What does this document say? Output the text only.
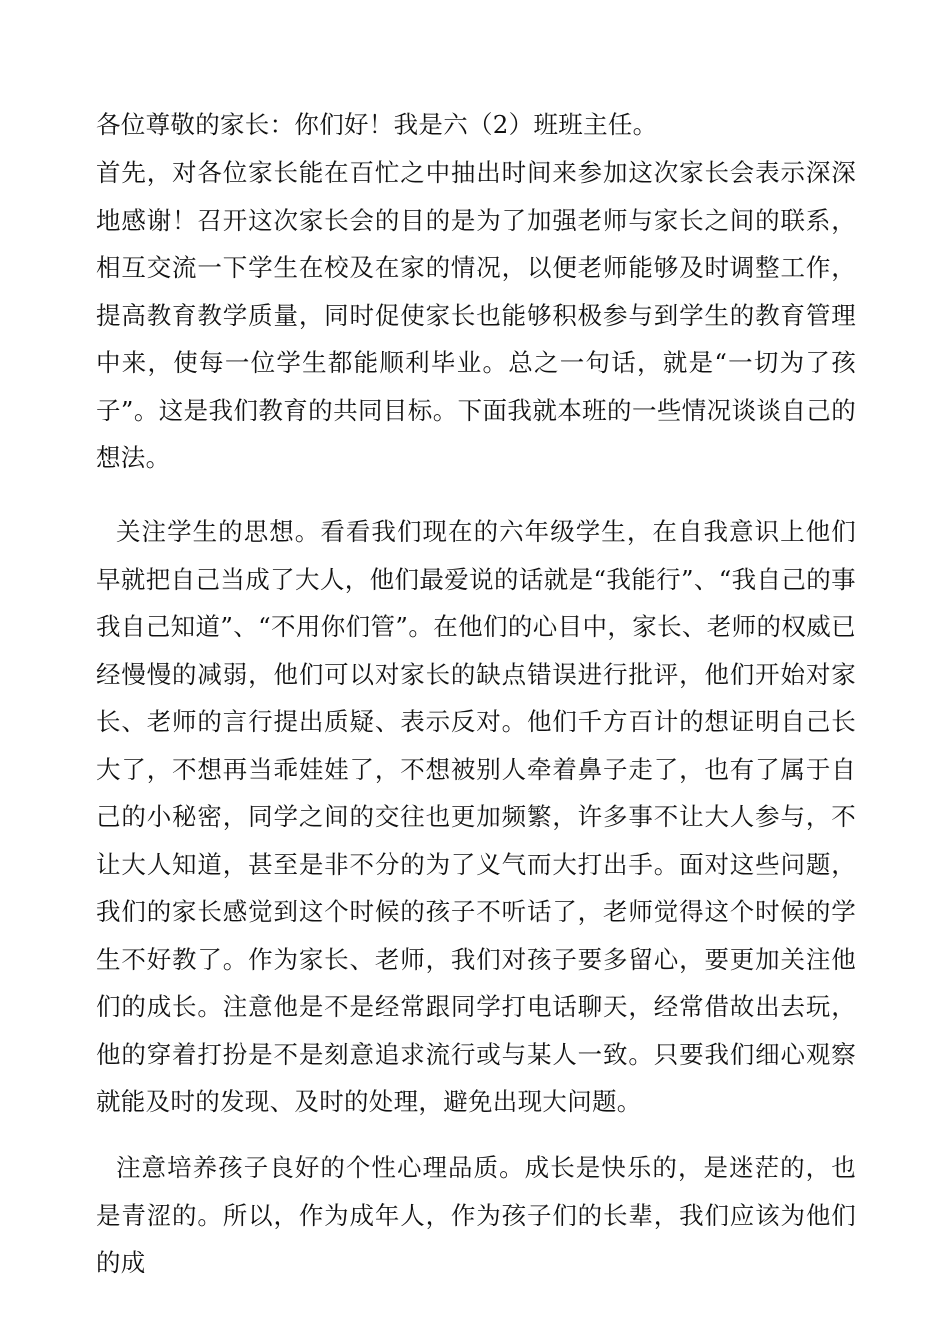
各位尊敬的家长：你们好！我是六（2）班班主任。
首先，对各位家长能在百忙之中抽出时间来参加这次家长会表示深深地感谢！召开这次家长会的目的是为了加强老师与家长之间的联系，相互交流一下学生在校及在家的情况，以便老师能够及时调整工作，提高教育教学质量，同时促使家长也能够积极参与到学生的教育管理中来，使每一位学生都能顺利毕业。总之一句话，就是“一切为了孩子”。这是我们教育的共同目标。下面我就本班的一些情况谈谈自己的想法。
关注学生的思想。看看我们现在的六年级学生，在自我意识上他们早就把自己当成了大人，他们最爱说的话就是“我能行”、“我自己的事我自己知道”、“不用你们管”。在他们的心目中，家长、老师的权威已经慢慢的减弱，他们可以对家长的缺点错误进行批评，他们开始对家长、老师的言行提出质疑、表示反对。他们千方百计的想证明自己长大了，不想再当乖娃娃了，不想被别人牵着鼻子走了，也有了属于自己的小秘密，同学之间的交往也更加频繁，许多事不让大人参与，不让大人知道，甚至是非不分的为了义气而大打出手。面对这些问题，我们的家长感觉到这个时候的孩子不听话了，老师觉得这个时候的学生不好教了。作为家长、老师，我们对孩子要多留心，要更加关注他们的成长。注意他是不是经常跟同学打电话聊天，经常借故出去玩，他的穿着打扮是不是刻意追求流行或与某人一致。只要我们细心观察就能及时的发现、及时的处理，避免出现大问题。
注意培养孩子良好的个性心理品质。成长是快乐的，是迷茫的，也是青涩的。所以，作为成年人，作为孩子们的长辈，我们应该为他们的成
